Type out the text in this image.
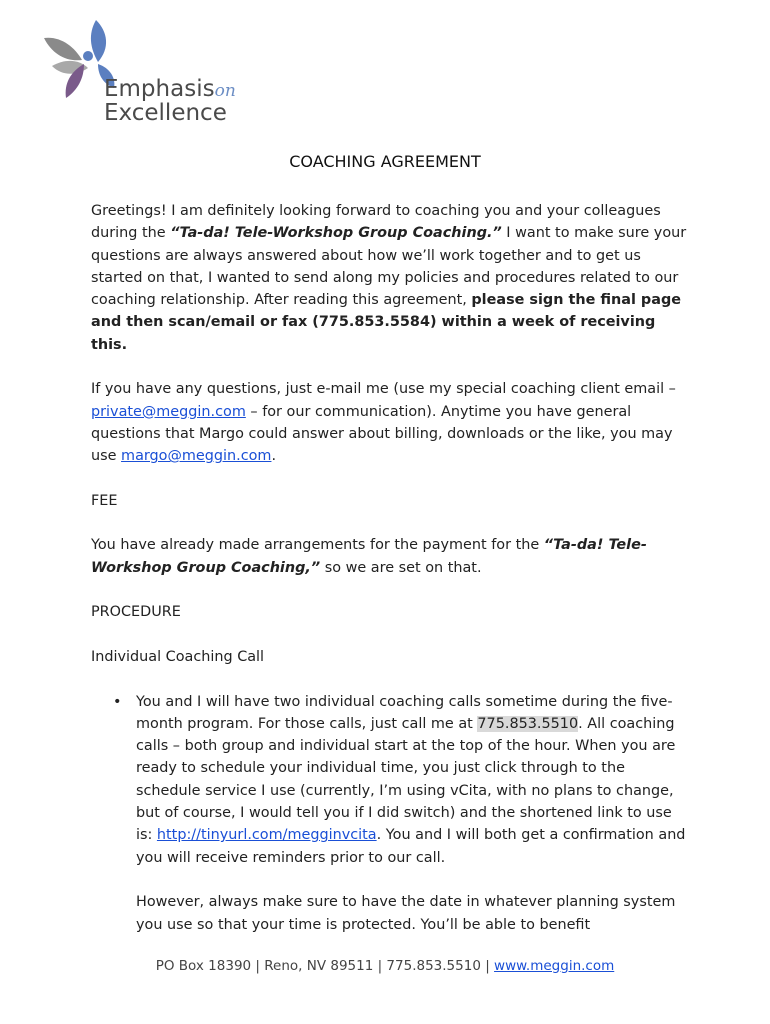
Emphasison
Excellence
COACHING AGREEMENT

Greetings! I am definitely looking forward to coaching you and your colleagues during the “Ta-da! Tele-Workshop Group Coaching.” I want to make sure your questions are always answered about how we’ll work together and to get us started on that, I wanted to send along my policies and procedures related to our coaching relationship. After reading this agreement, please sign the final page and then scan/email or fax (775.853.5584) within a week of receiving this.

If you have any questions, just e-mail me (use my special coaching client email – private@meggin.com – for our communication). Anytime you have general questions that Margo could answer about billing, downloads or the like, you may use margo@meggin.com.

FEE

You have already made arrangements for the payment for the “Ta-da! Tele-Workshop Group Coaching,” so we are set on that.

PROCEDURE

Individual Coaching Call

• You and I will have two individual coaching calls sometime during the five-month program. For those calls, just call me at 775.853.5510. All coaching calls – both group and individual start at the top of the hour. When you are ready to schedule your individual time, you just click through to the schedule service I use (currently, I’m using vCita, with no plans to change, but of course, I would tell you if I did switch) and the shortened link to use is: http://tinyurl.com/megginvcita. You and I will both get a confirmation and you will receive reminders prior to our call.

However, always make sure to have the date in whatever planning system you use so that your time is protected. You’ll be able to benefit

PO Box 18390 | Reno, NV 89511 | 775.853.5510 | www.meggin.com
